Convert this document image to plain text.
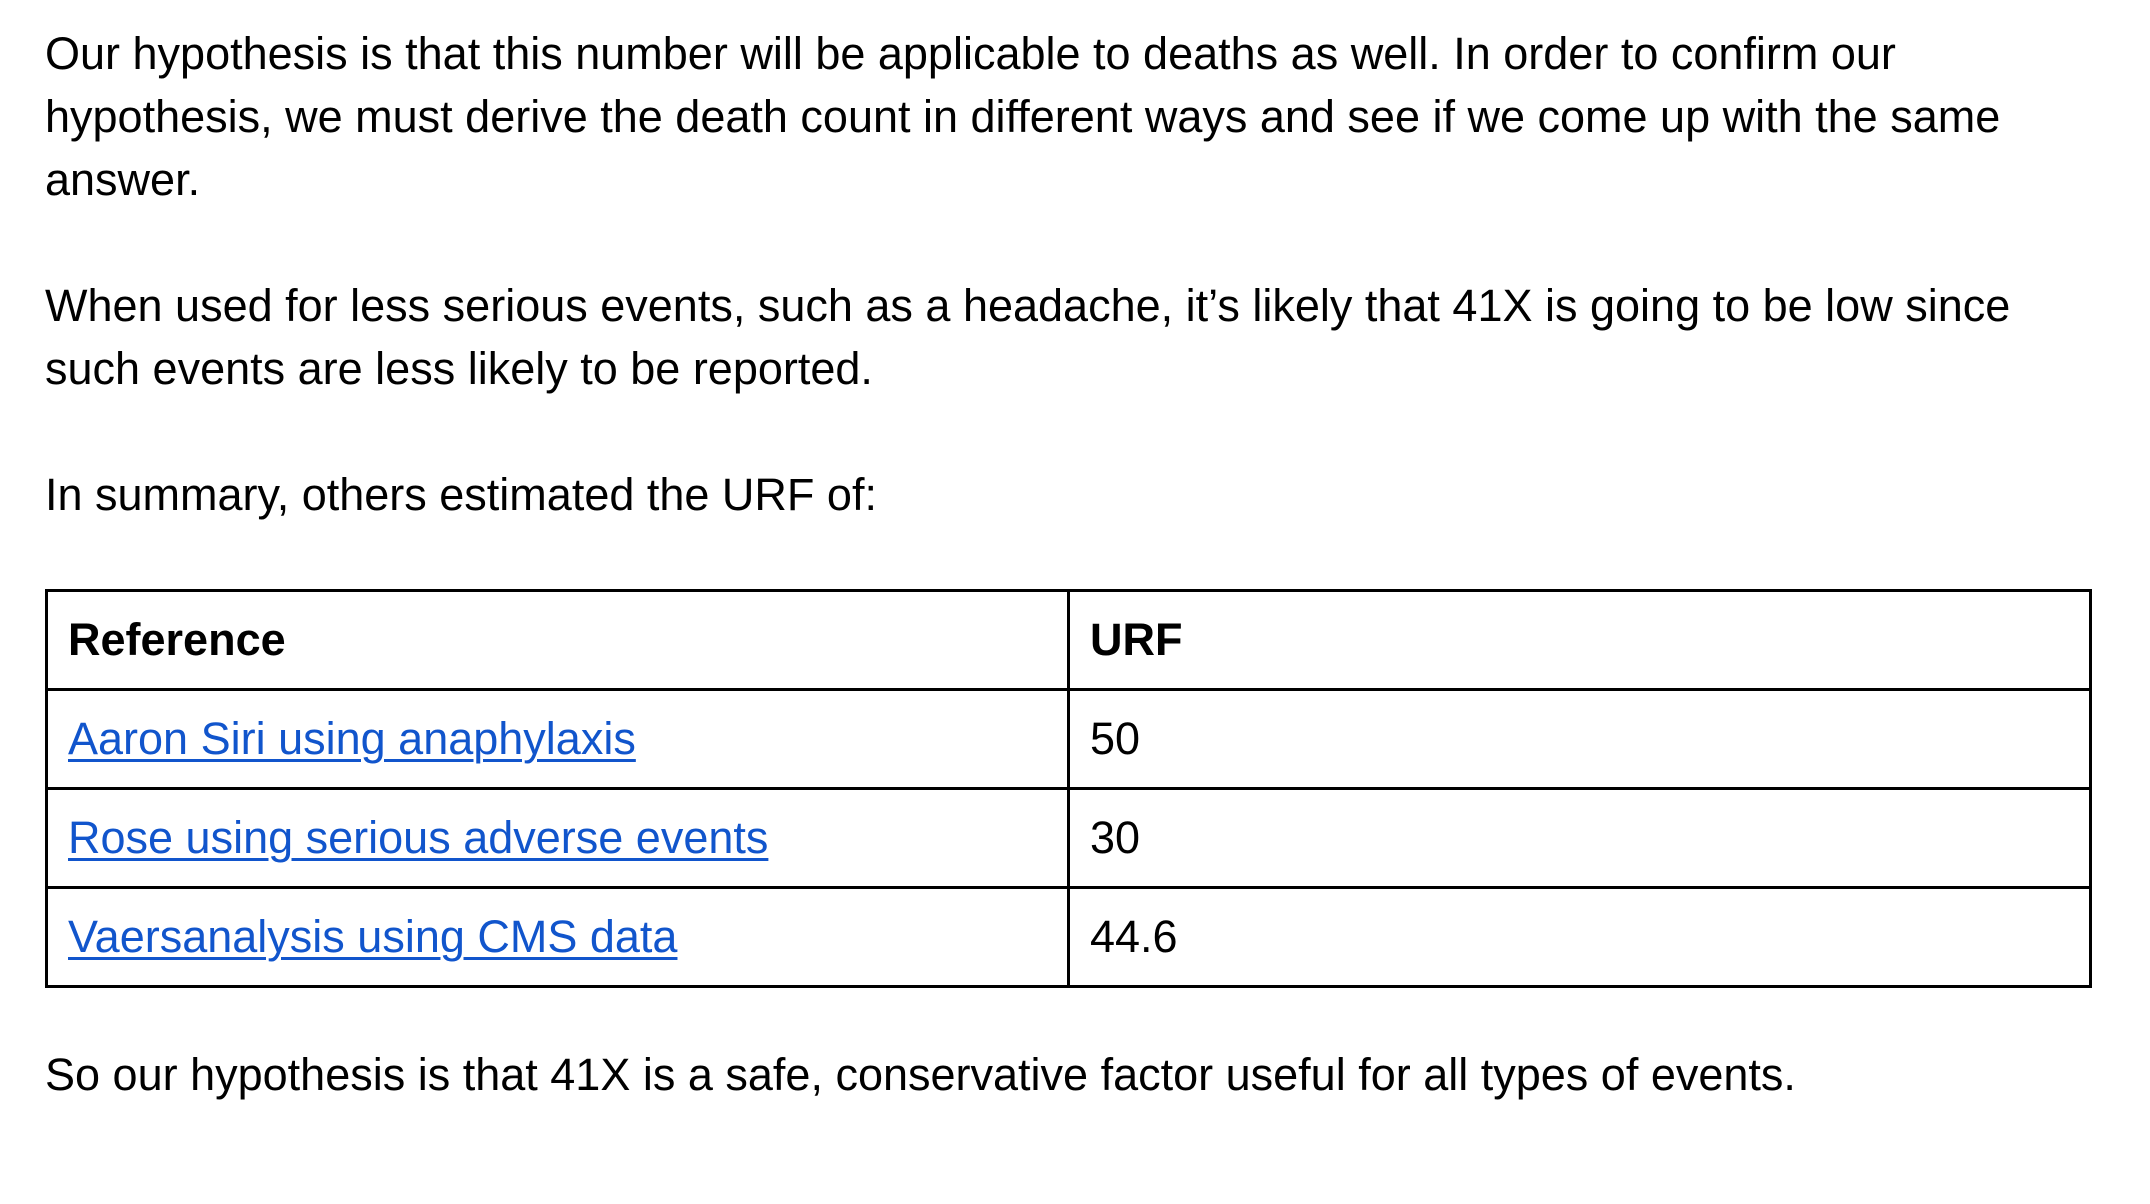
Our hypothesis is that this number will be applicable to deaths as well. In order to confirm our hypothesis, we must derive the death count in different ways and see if we come up with the same answer.

When used for less serious events, such as a headache, it’s likely that 41X is going to be low since such events are less likely to be reported.

In summary, others estimated the URF of:

Reference	URF
Aaron Siri using anaphylaxis	50
Rose using serious adverse events	30
Vaersanalysis using CMS data	44.6

So our hypothesis is that 41X is a safe, conservative factor useful for all types of events.
